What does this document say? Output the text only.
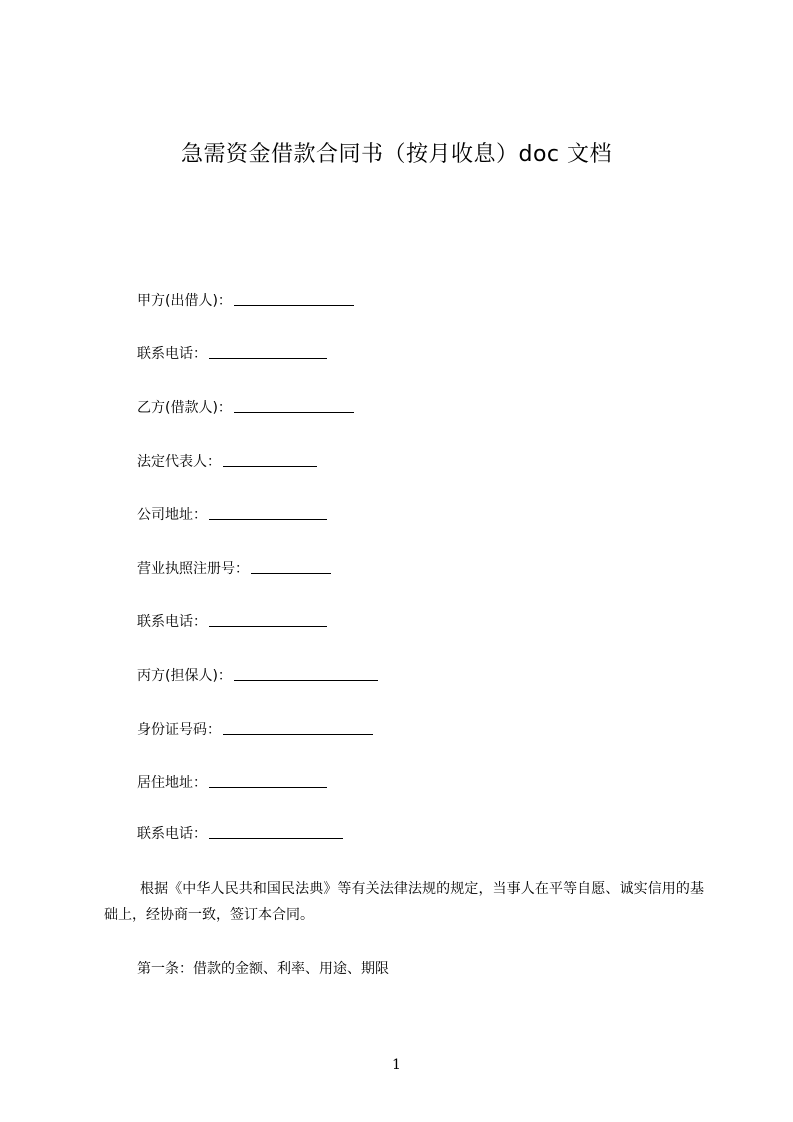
急需资金借款合同书（按月收息）doc 文档
甲方(出借人)：
联系电话：
乙方(借款人)：
法定代表人：
公司地址：
营业执照注册号：
联系电话：
丙方(担保人)：
身份证号码：
居住地址：
联系电话：
根据《中华人民共和国民法典》等有关法律法规的规定，当事人在平等自愿、诚实信用的基础上，经协商一致，签订本合同。
第一条：借款的金额、利率、用途、期限
1
